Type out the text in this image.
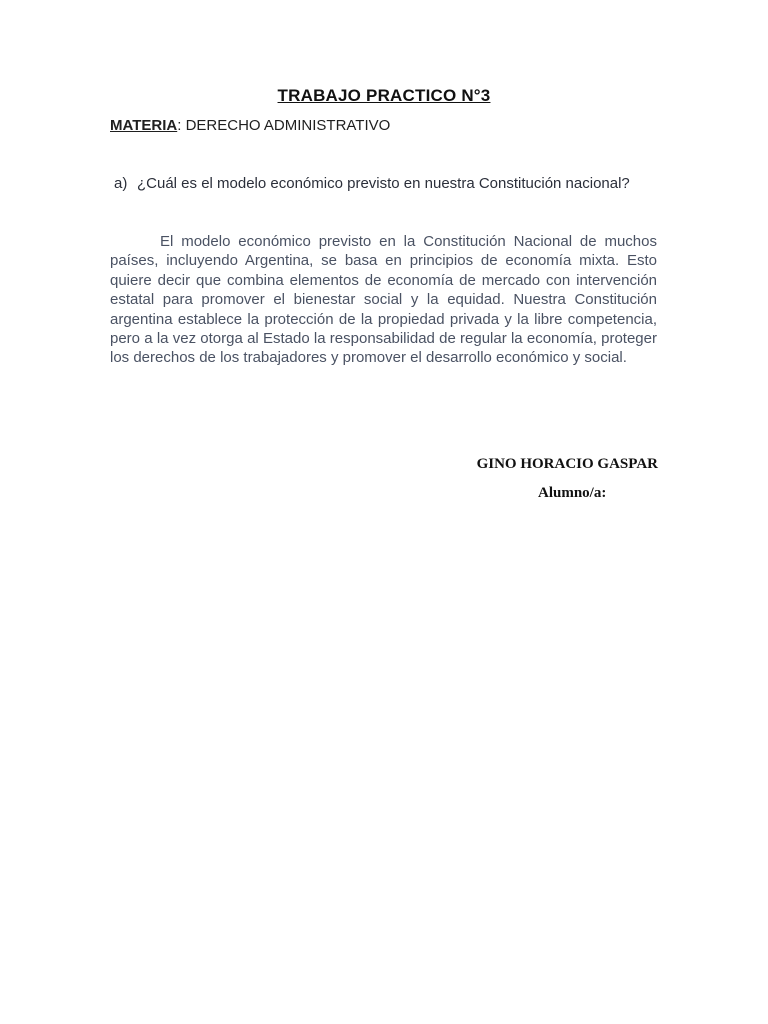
TRABAJO PRACTICO N°3
MATERIA: DERECHO ADMINISTRATIVO
a) ¿Cuál es el modelo económico previsto en nuestra Constitución nacional?

El modelo económico previsto en la Constitución Nacional de muchos países, incluyendo Argentina, se basa en principios de economía mixta. Esto quiere decir que combina elementos de economía de mercado con intervención estatal para promover el bienestar social y la equidad. Nuestra Constitución argentina establece la protección de la propiedad privada y la libre competencia, pero a la vez otorga al Estado la responsabilidad de regular la economía, proteger los derechos de los trabajadores y promover el desarrollo económico y social.

GINO HORACIO GASPAR
Alumno/a:
